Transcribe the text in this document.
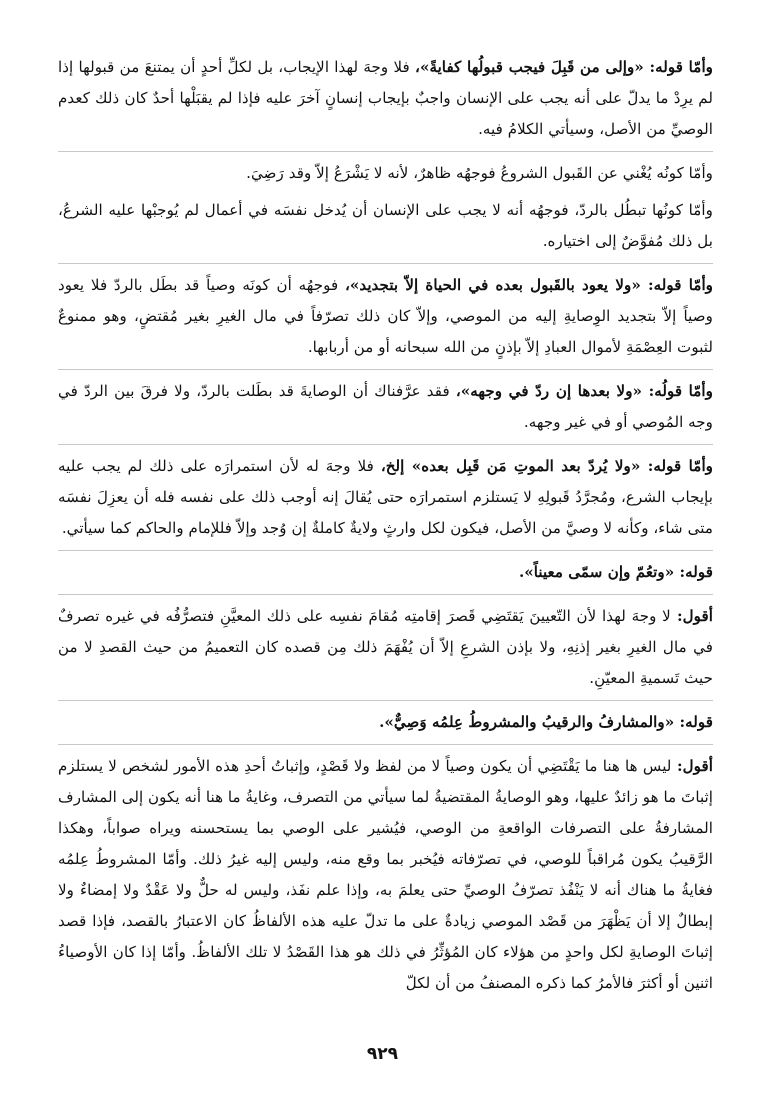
وأمّا قوله: «وإلى من قَبِلَ فيجب قبولُها كفايةً»، فلا وجهَ لهذا الإيجاب، بل لكلِّ أحدٍ أن يمتنعَ من قبولها إذا لم يرِدْ ما يدلّ على أنه يجب على الإنسان واجبٌ بإيجاب إنسانٍ آخرَ عليه فإذا لم يقبَلْها أحدٌ كان ذلك كعدم الوصيِّ من الأصل، وسيأتي الكلامُ فيه.

وأمّا كونُه يُغْني عن القَبول الشروعُ فوجهُه ظاهرٌ، لأنه لا يَشْرَعُ إلاّ وقد رَضِيَ.

وأمّا كونُها تبطُل بالردّ، فوجهُه أنه لا يجب على الإنسان أن يُدخل نفسَه في أعمال لم يُوجبْها عليه الشرعُ، بل ذلك مُفوَّضٌ إلى اختياره.

وأمّا قوله: «ولا يعود بالقَبول بعده في الحياة إلاّ بتجديد»، فوجهُه أن كونَه وصياً قد بطَل بالردّ فلا يعود وصياً إلاّ بتجديد الوِصايةِ إليه من الموصي، وإلاّ كان ذلك تصرّفاً في مال الغيرِ بغير مُقتضٍ، وهو ممنوعٌ لثبوت العِصْمَةِ لأموال العبادِ إلاّ بإذنٍ من الله سبحانه أو من أربابها.

وأمّا قولُه: «ولا بعدها إن ردّ في وجهه»، فقد عرَّفناك أن الوصايةَ قد بطَلت بالردّ، ولا فرقَ بين الردّ في وجه المُوصي أو في غير وجهه.

وأمّا قوله: «ولا يُردّ بعد الموتِ مَن قَبِل بعده» إلخ، فلا وجهَ له لأن استمرارَه على ذلك لم يجب عليه بإيجاب الشرع، ومُجرَّدُ قَبولِهِ لا يَستلزم استمرارَه حتى يُقالَ إنه أوجب ذلك على نفسه فله أن يعزِلَ نفسَه متى شاء، وكأنه لا وصيَّ من الأصل، فيكون لكل وارثٍ ولايةٌ كاملةٌ إن وُجد وإلاّ فللإمام والحاكم كما سيأتي.

قوله: «وتعُمّ وإن سمّى معيناً».

أقول: لا وجهَ لهذا لأن التّعيينَ يَقتَضِي قَصرَ إقامتِه مُقامَ نفسِه على ذلك المعيَّنِ فتصرُّفُه في غيره تصرفٌ في مال الغيرِ بغير إذنِهِ، ولا بإذن الشرعِ إلاّ أن يُفْهَمَ ذلك مِن قصده كان التعميمُ من حيث القصدِ لا من حيث تَسميةِ المعيّنِ.

قوله: «والمشارفُ والرقيبُ والمشروطُ عِلمُه وَصِيٌّ».

أقول: ليس ها هنا ما يَقْتَضِي أن يكون وصياً لا من لفظ ولا قَصْدٍ، وإثباتُ أحدِ هذه الأمور لشخص لا يستلزم إثباتَ ما هو زائدٌ عليها، وهو الوصايةُ المقتضيةُ لما سيأتي من التصرف، وغايةُ ما هنا أنه يكون إلى المشارف المشارفةُ على التصرفات الواقعةِ من الوصي، فيُشير على الوصي بما يستحسنه ويراه صواباً، وهكذا الرَّقيبُ يكون مُراقباً للوصي، في تصرّفاته فيُخبر بما وقع منه، وليس إليه غيرُ ذلك. وأمّا المشروطُ عِلمُه فغايةُ ما هناك أنه لا يَنْفُذ تصرّفُ الوصيِّ حتى يعلمَ به، وإذا علم نفَذ، وليس له حلٌّ ولا عَقْدٌ ولا إمضاءٌ ولا إبطالٌ إلا أن يَظْهَرَ من قَصْد الموصي زيادةٌ على ما تدلّ عليه هذه الألفاظُ كان الاعتبارُ بالقصد، فإذا قصد إثباتَ الوصايةِ لكل واحدٍ من هؤلاء كان المُؤثِّرُ في ذلك هو هذا القَصْدُ لا تلك الألفاظُ. وأمّا إذا كان الأوصياءُ اثنين أو أكثرَ فالأمرُ كما ذكره المصنفُ من أن لكلّ

٩٢٩
